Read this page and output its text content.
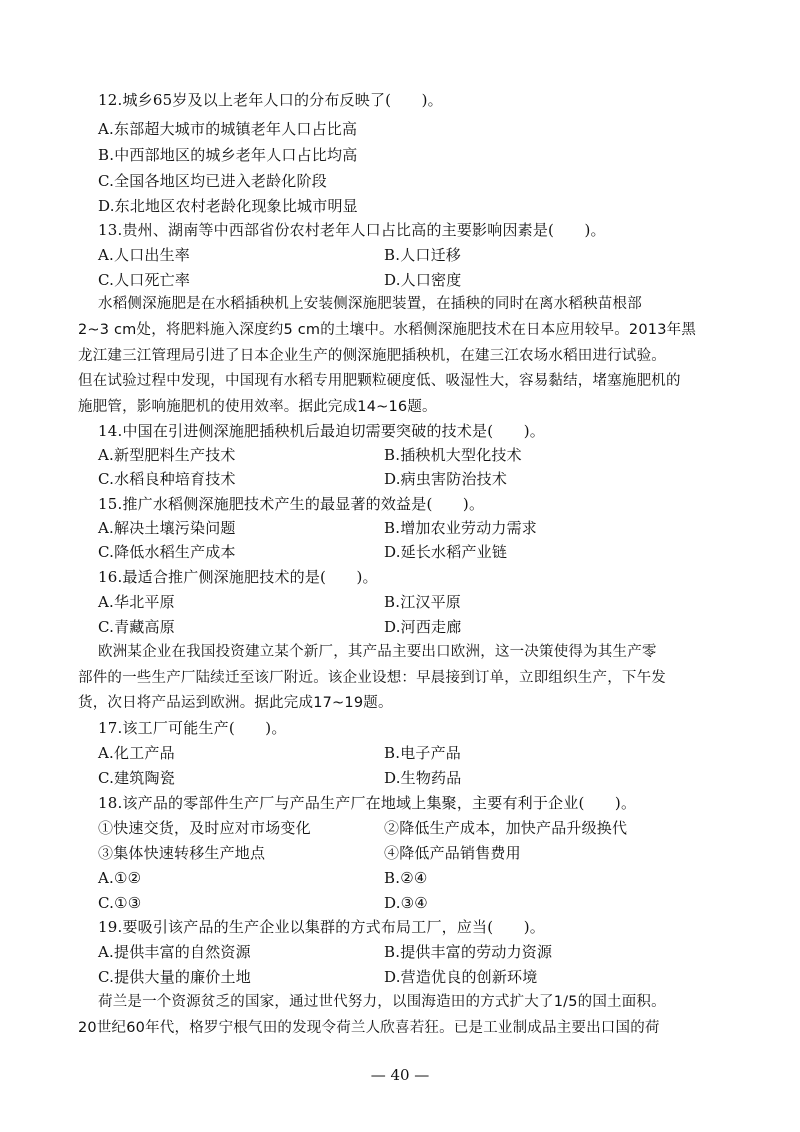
12.城乡65岁及以上老年人口的分布反映了(　　)。
A.东部超大城市的城镇老年人口占比高
B.中西部地区的城乡老年人口占比均高
C.全国各地区均已进入老龄化阶段
D.东北地区农村老龄化现象比城市明显
13.贵州、湖南等中西部省份农村老年人口占比高的主要影响因素是(　　)。
A.人口出生率	B.人口迁移
C.人口死亡率	D.人口密度
水稻侧深施肥是在水稻插秧机上安装侧深施肥装置，在插秧的同时在离水稻秧苗根部
2~3 cm处，将肥料施入深度约5 cm的土壤中。水稻侧深施肥技术在日本应用较早。2013年黑
龙江建三江管理局引进了日本企业生产的侧深施肥插秧机，在建三江农场水稻田进行试验。
但在试验过程中发现，中国现有水稻专用肥颗粒硬度低、吸湿性大，容易黏结，堵塞施肥机的
施肥管，影响施肥机的使用效率。据此完成14~16题。
14.中国在引进侧深施肥插秧机后最迫切需要突破的技术是(　　)。
A.新型肥料生产技术	B.插秧机大型化技术
C.水稻良种培育技术	D.病虫害防治技术
15.推广水稻侧深施肥技术产生的最显著的效益是(　　)。
A.解决土壤污染问题	B.增加农业劳动力需求
C.降低水稻生产成本	D.延长水稻产业链
16.最适合推广侧深施肥技术的是(　　)。
A.华北平原	B.江汉平原
C.青藏高原	D.河西走廊
欧洲某企业在我国投资建立某个新厂，其产品主要出口欧洲，这一决策使得为其生产零
部件的一些生产厂陆续迁至该厂附近。该企业设想：早晨接到订单，立即组织生产，下午发
货，次日将产品运到欧洲。据此完成17~19题。
17.该工厂可能生产(　　)。
A.化工产品	B.电子产品
C.建筑陶瓷	D.生物药品
18.该产品的零部件生产厂与产品生产厂在地域上集聚，主要有利于企业(　　)。
①快速交货，及时应对市场变化	②降低生产成本，加快产品升级换代
③集体快速转移生产地点	④降低产品销售费用
A.①②	B.②④
C.①③	D.③④
19.要吸引该产品的生产企业以集群的方式布局工厂，应当(　　)。
A.提供丰富的自然资源	B.提供丰富的劳动力资源
C.提供大量的廉价土地	D.营造优良的创新环境
荷兰是一个资源贫乏的国家，通过世代努力，以围海造田的方式扩大了1/5的国土面积。
20世纪60年代，格罗宁根气田的发现令荷兰人欣喜若狂。已是工业制成品主要出口国的荷
— 40 —
